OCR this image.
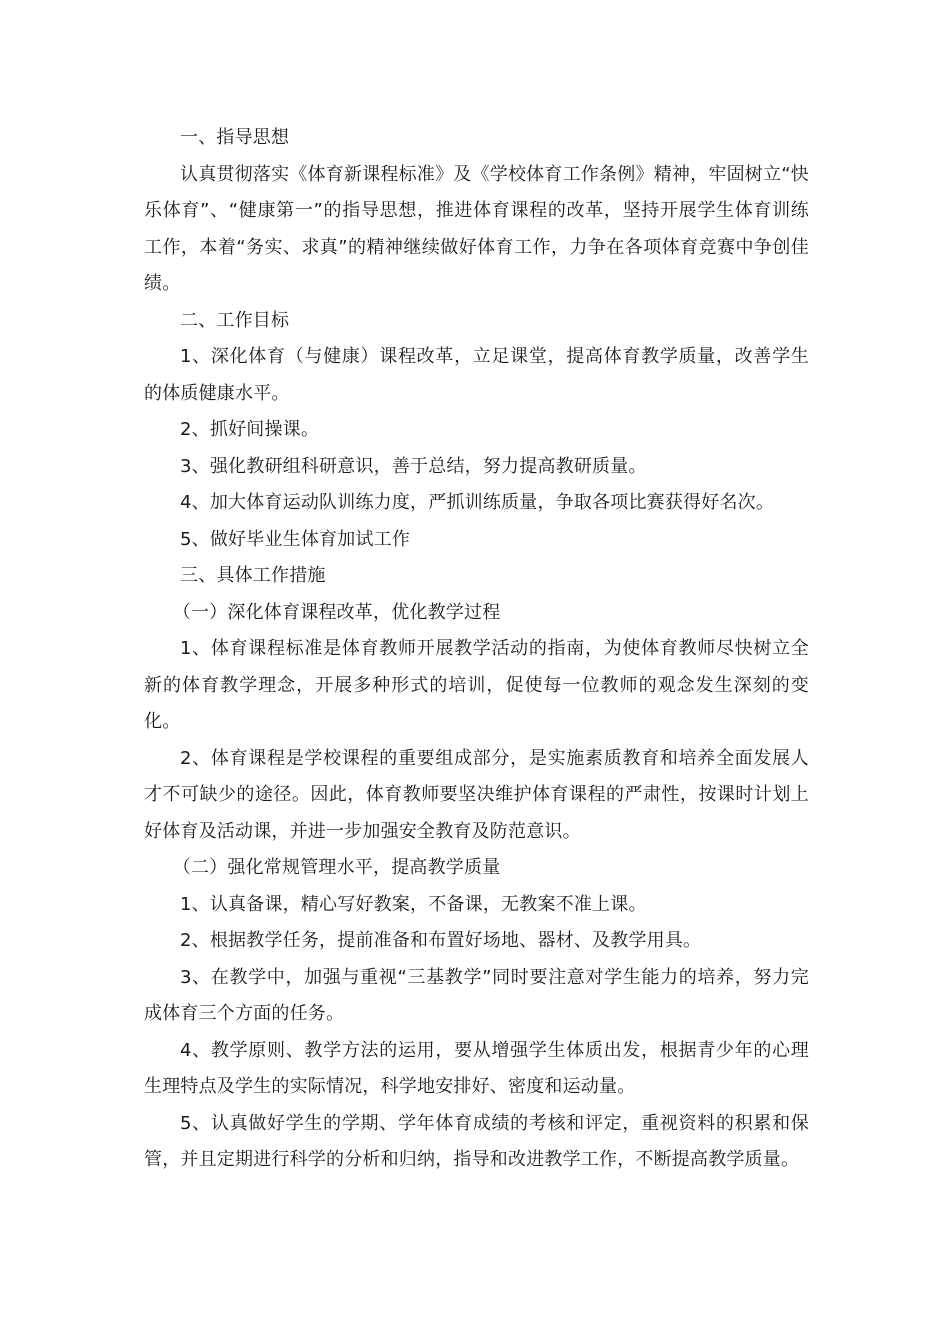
一、指导思想

认真贯彻落实《体育新课程标准》及《学校体育工作条例》精神，牢固树立“快乐体育”、“健康第一”的指导思想，推进体育课程的改革，坚持开展学生体育训练工作，本着“务实、求真”的精神继续做好体育工作，力争在各项体育竞赛中争创佳绩。

二、工作目标

1、深化体育（与健康）课程改革，立足课堂，提高体育教学质量，改善学生的体质健康水平。

2、抓好间操课。

3、强化教研组科研意识，善于总结，努力提高教研质量。

4、加大体育运动队训练力度，严抓训练质量，争取各项比赛获得好名次。

5、做好毕业生体育加试工作

三、具体工作措施

（一）深化体育课程改革，优化教学过程

1、体育课程标准是体育教师开展教学活动的指南，为使体育教师尽快树立全新的体育教学理念，开展多种形式的培训，促使每一位教师的观念发生深刻的变化。

2、体育课程是学校课程的重要组成部分，是实施素质教育和培养全面发展人才不可缺少的途径。因此，体育教师要坚决维护体育课程的严肃性，按课时计划上好体育及活动课，并进一步加强安全教育及防范意识。

（二）强化常规管理水平，提高教学质量

1、认真备课，精心写好教案，不备课，无教案不准上课。

2、根据教学任务，提前准备和布置好场地、器材、及教学用具。

3、在教学中，加强与重视“三基教学”同时要注意对学生能力的培养，努力完成体育三个方面的任务。

4、教学原则、教学方法的运用，要从增强学生体质出发，根据青少年的心理生理特点及学生的实际情况，科学地安排好、密度和运动量。

5、认真做好学生的学期、学年体育成绩的考核和评定，重视资料的积累和保管，并且定期进行科学的分析和归纳，指导和改进教学工作，不断提高教学质量。
